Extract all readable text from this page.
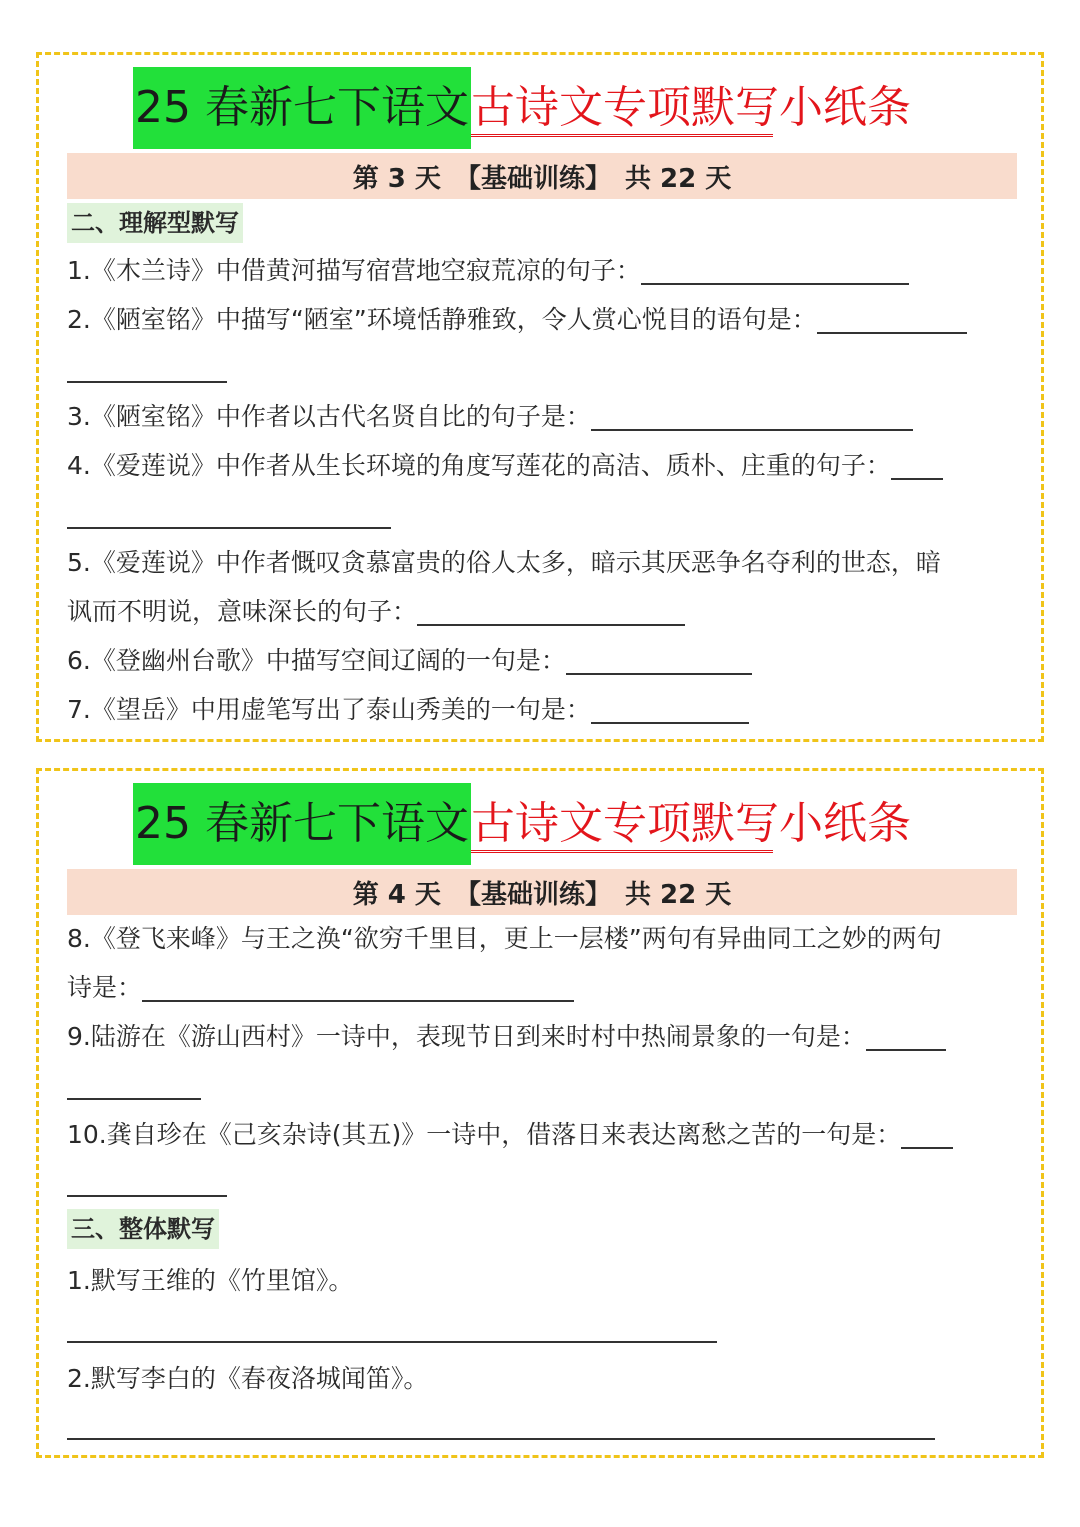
25 春新七下语文 古诗文专项默写小纸条
第 3 天 【基础训练】 共 22 天
二、理解型默写
1.《木兰诗》中借黄河描写宿营地空寂荒凉的句子：
2.《陋室铭》中描写“陋室”环境恬静雅致，令人赏心悦目的语句是：
3.《陋室铭》中作者以古代名贤自比的句子是：
4.《爱莲说》中作者从生长环境的角度写莲花的高洁、质朴、庄重的句子：
5.《爱莲说》中作者慨叹贪慕富贵的俗人太多，暗示其厌恶争名夺利的世态，暗
讽而不明说，意味深长的句子：
6.《登幽州台歌》中描写空间辽阔的一句是：
7.《望岳》中用虚笔写出了泰山秀美的一句是：
25 春新七下语文 古诗文专项默写小纸条
第 4 天 【基础训练】 共 22 天
8.《登飞来峰》与王之涣“欲穷千里目，更上一层楼”两句有异曲同工之妙的两句
诗是：
9.陆游在《游山西村》一诗中，表现节日到来时村中热闹景象的一句是：
10.龚自珍在《己亥杂诗(其五)》一诗中，借落日来表达离愁之苦的一句是：
三、整体默写
1.默写王维的《竹里馆》。
2.默写李白的《春夜洛城闻笛》。
